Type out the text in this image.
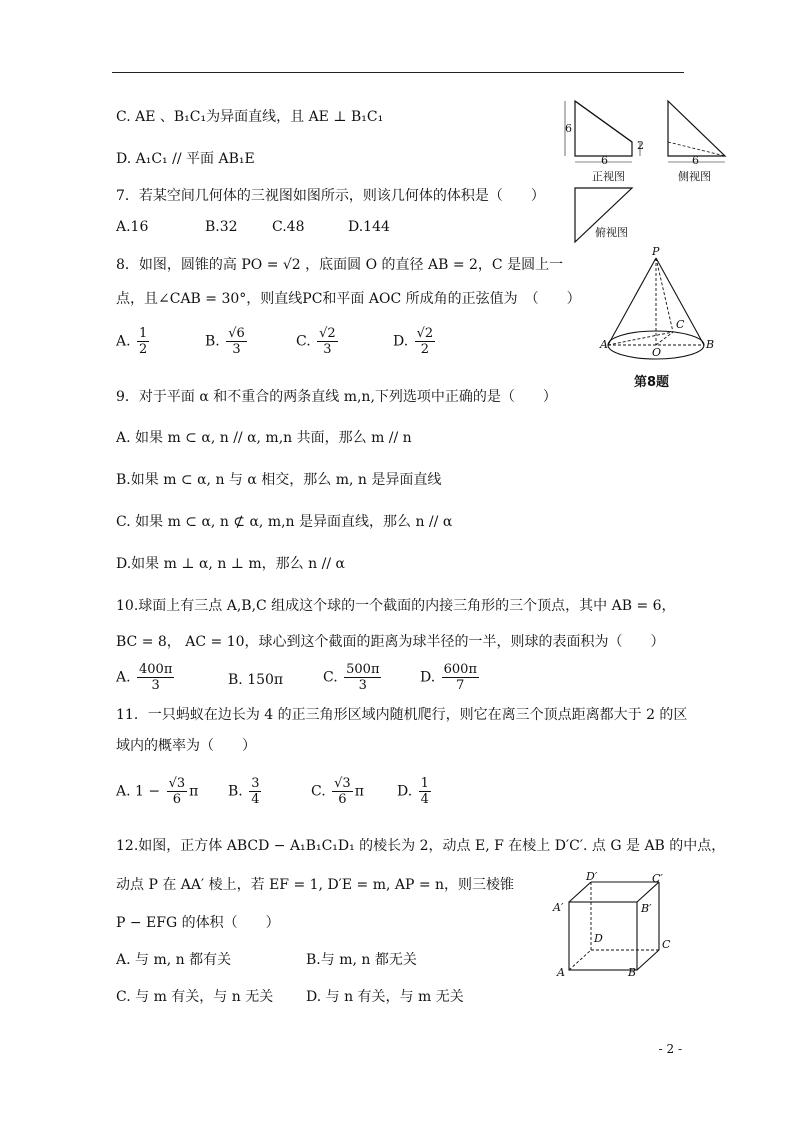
C. AE 、B₁C₁为异面直线，且 AE ⊥ B₁C₁
D. A₁C₁ // 平面 AB₁E
7．若某空间几何体的三视图如图所示，则该几何体的体积是（　　）
A.16	B.32 C.48	D.144
6
6
2
6
正视图	侧视图
俯视图
8．如图，圆锥的高 PO = √2 ，底面圆 O 的直径 AB = 2，C 是圆上一
点，且∠CAB = 30°，则直线PC和平面 AOC 所成角的正弦值为　（　　）
A. $\frac{1}{2}$	B. $\frac{√6}{3}$	C. $\frac{√2}{3}$	D. $\frac{√2}{2}$
P
C
A
O
B
第8题
9．对于平面 α 和不重合的两条直线 m,n,下列选项中正确的是（　　）
A. 如果 m ⊂ α, n // α, m,n 共面，那么 m // n
B.如果 m ⊂ α, n 与 α 相交，那么 m, n 是异面直线
C. 如果 m ⊂ α, n ⊄ α, m,n 是异面直线，那么 n // α
D.如果 m ⊥ α, n ⊥ m，那么 n // α
10.球面上有三点 A,B,C 组成这个球的一个截面的内接三角形的三个顶点，其中 AB = 6，
BC = 8， AC = 10，球心到这个截面的距离为球半径的一半，则球的表面积为（　　）
A. $\frac{400\pi}{3}$	B. 150π	C. $\frac{500\pi}{3}$	D. $\frac{600\pi}{7}$
11．一只蚂蚁在边长为 4 的正三角形区域内随机爬行，则它在离三个顶点距离都大于 2 的区
域内的概率为（　　）
A. $1 - \frac{√3}{6}$ π B. $\frac{3}{4}$	C. $\frac{√3}{6}$ π D. $\frac{1}{4}$
12.如图，正方体 ABCD − A₁B₁C₁D₁ 的棱长为 2，动点 E, F 在棱上 D′C′. 点 G 是 AB 的中点，
动点 P 在 AA′ 棱上，若 EF = 1, D′E = m, AP = n，则三棱锥
P − EFG 的体积（　　）
A. 与 m, n 都有关	B.与 m, n 都无关
C. 与 m 有关，与 n 无关 D. 与 n 有关，与 m 无关
D′	C′
A′	B′
D	C
A	B
- 2 -
